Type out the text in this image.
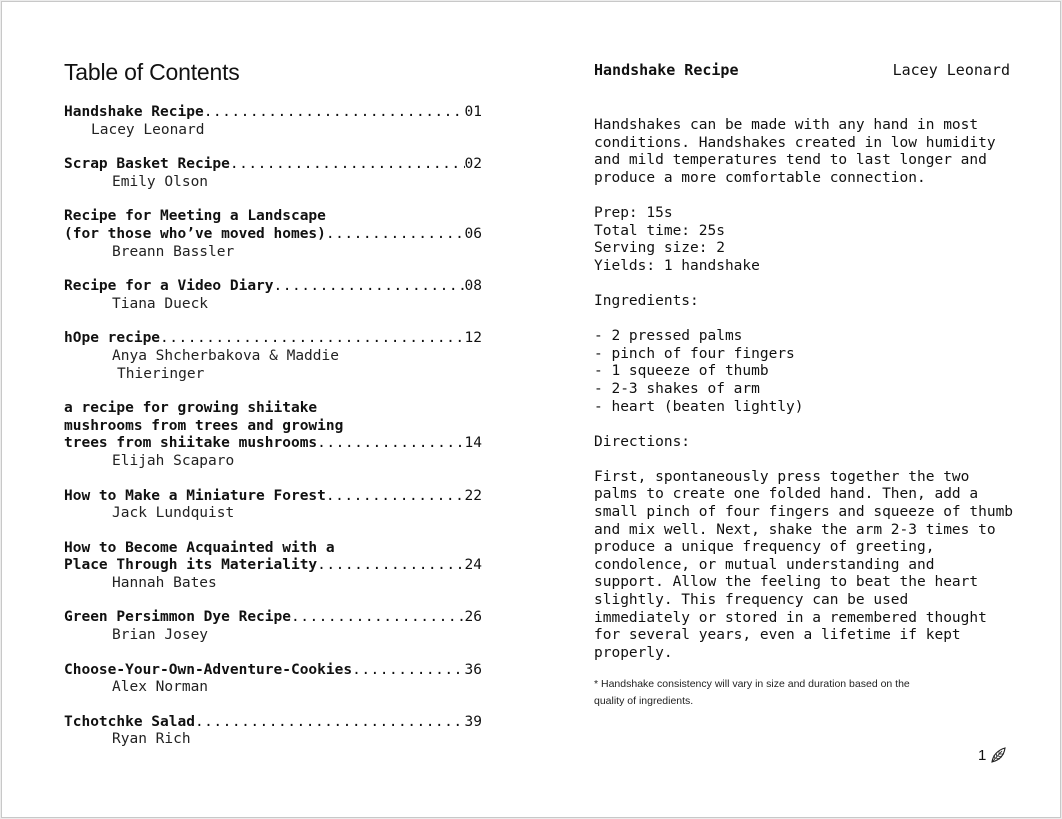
Table of Contents
Handshake Recipe .....	01
Lacey Leonard
Scrap Basket Recipe .....	02
Emily Olson
Recipe for Meeting a Landscape
(for those who’ve moved homes) .....	06
Breann Bassler
Recipe for a Video Diary .....	08
Tiana Dueck
hOpe recipe .....	12
Anya Shcherbakova & Maddie
Thieringer
a recipe for growing shiitake
mushrooms from trees and growing
trees from shiitake mushrooms .....	14
Elijah Scaparo
How to Make a Miniature Forest .....	22
Jack Lundquist
How to Become Acquainted with a
Place Through its Materiality .....	24
Hannah Bates
Green Persimmon Dye Recipe .....	26
Brian Josey
Choose-Your-Own-Adventure-Cookies .....	36
Alex Norman
Tchotchke Salad .....	39
Ryan Rich
Handshake Recipe	Lacey Leonard

Handshakes can be made with any hand in most
conditions. Handshakes created in low humidity
and mild temperatures tend to last longer and
produce a more comfortable connection.

Prep: 15s
Total time: 25s
Serving size: 2
Yields: 1 handshake

Ingredients:

- 2 pressed palms
- pinch of four fingers
- 1 squeeze of thumb
- 2-3 shakes of arm
- heart (beaten lightly)

Directions:

First, spontaneously press together the two
palms to create one folded hand. Then, add a
small pinch of four fingers and squeeze of thumb
and mix well. Next, shake the arm 2-3 times to
produce a unique frequency of greeting,
condolence, or mutual understanding and
support. Allow the feeling to beat the heart
slightly. This frequency can be used
immediately or stored in a remembered thought
for several years, even a lifetime if kept
properly.

* Handshake consistency will vary in size and duration based on the
quality of ingredients.
1
